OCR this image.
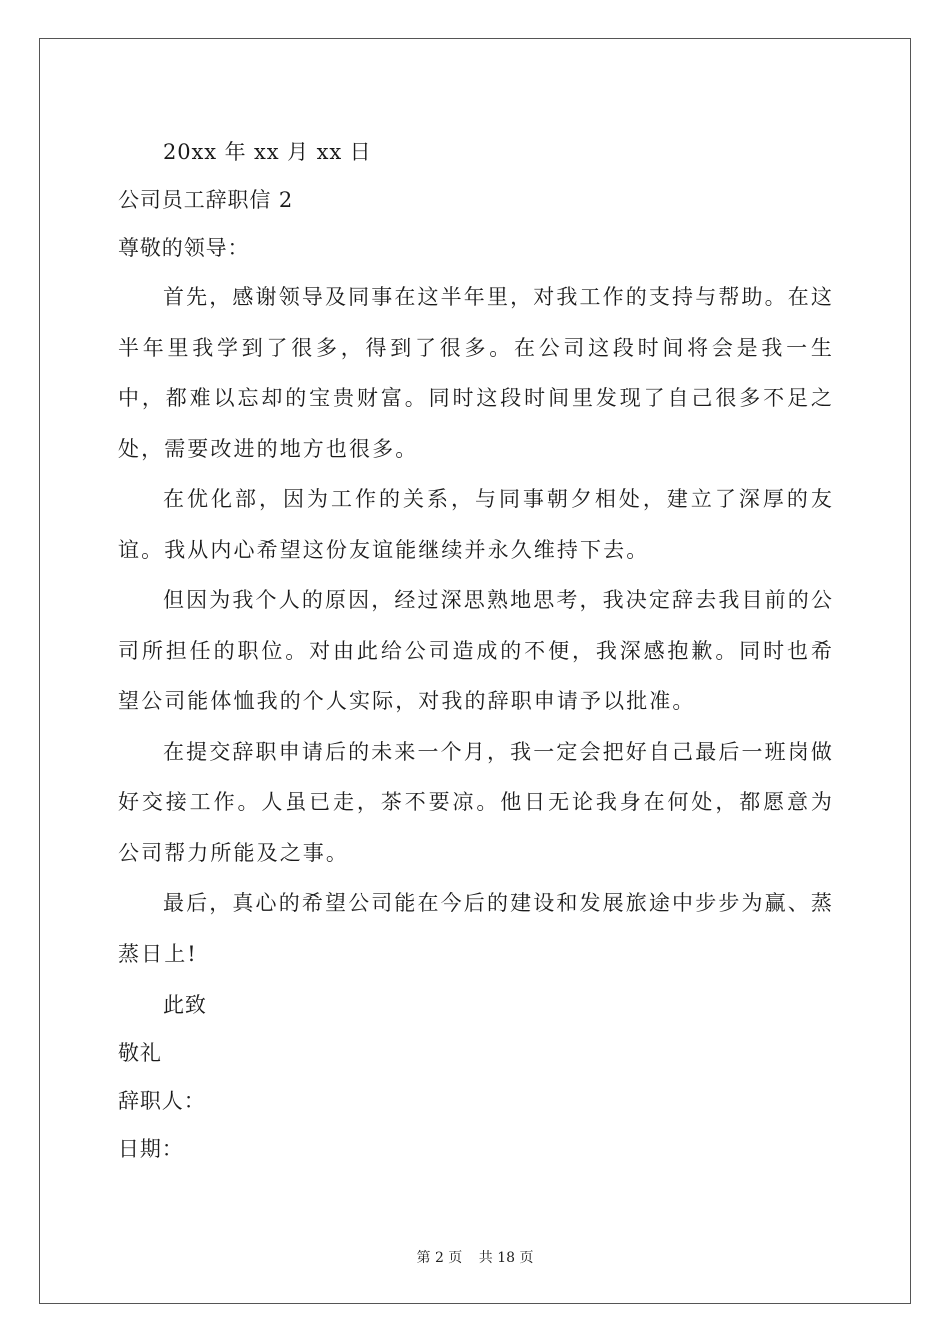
20xx 年 xx 月 xx 日
公司员工辞职信 2
尊敬的领导：

首先，感谢领导及同事在这半年里，对我工作的支持与帮助。在这半年里我学到了很多，得到了很多。在公司这段时间将会是我一生中，都难以忘却的宝贵财富。同时这段时间里发现了自己很多不足之处，需要改进的地方也很多。

在优化部，因为工作的关系，与同事朝夕相处，建立了深厚的友谊。我从内心希望这份友谊能继续并永久维持下去。

但因为我个人的原因，经过深思熟地思考，我决定辞去我目前的公司所担任的职位。对由此给公司造成的不便，我深感抱歉。同时也希望公司能体恤我的个人实际，对我的辞职申请予以批准。

在提交辞职申请后的未来一个月，我一定会把好自己最后一班岗做好交接工作。人虽已走，茶不要凉。他日无论我身在何处，都愿意为公司帮力所能及之事。

最后，真心的希望公司能在今后的建设和发展旅途中步步为赢、蒸蒸日上!

此致
敬礼
辞职人：
日期：
第 2 页 共 18 页
